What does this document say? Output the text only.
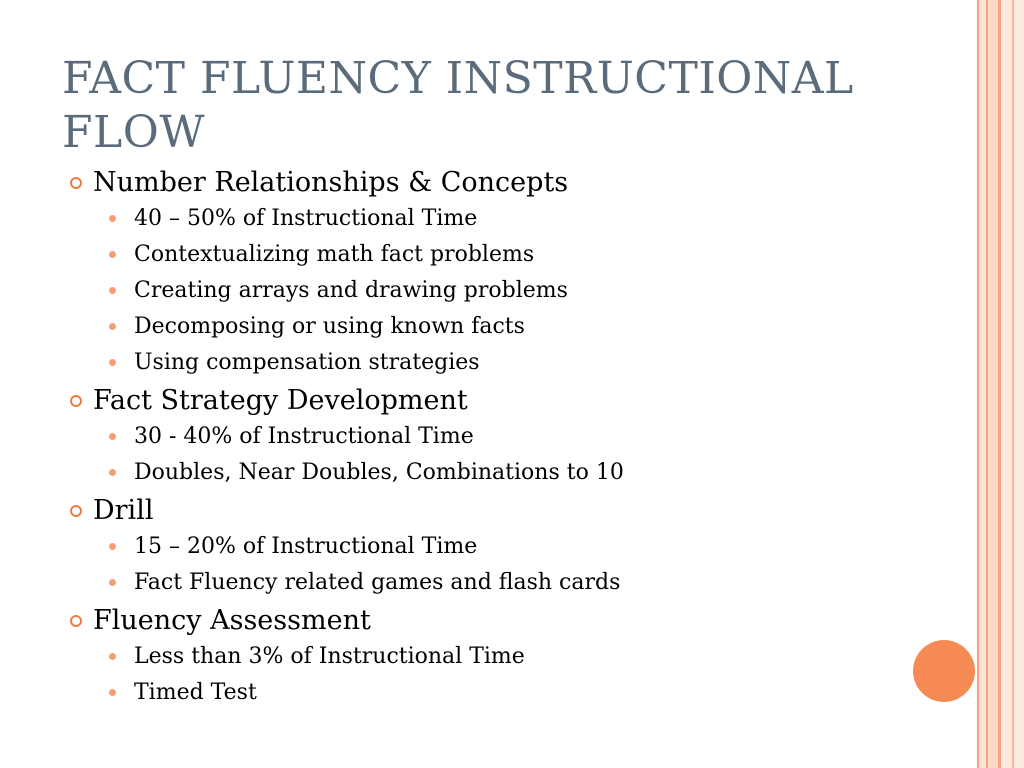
FACT FLUENCY INSTRUCTIONAL
FLOW
Number Relationships & Concepts
40 – 50% of Instructional Time
Contextualizing math fact problems
Creating arrays and drawing problems
Decomposing or using known facts
Using compensation strategies
Fact Strategy Development
30 - 40% of Instructional Time
Doubles, Near Doubles, Combinations to 10
Drill
15 – 20% of Instructional Time
Fact Fluency related games and flash cards
Fluency Assessment
Less than 3% of Instructional Time
Timed Test
